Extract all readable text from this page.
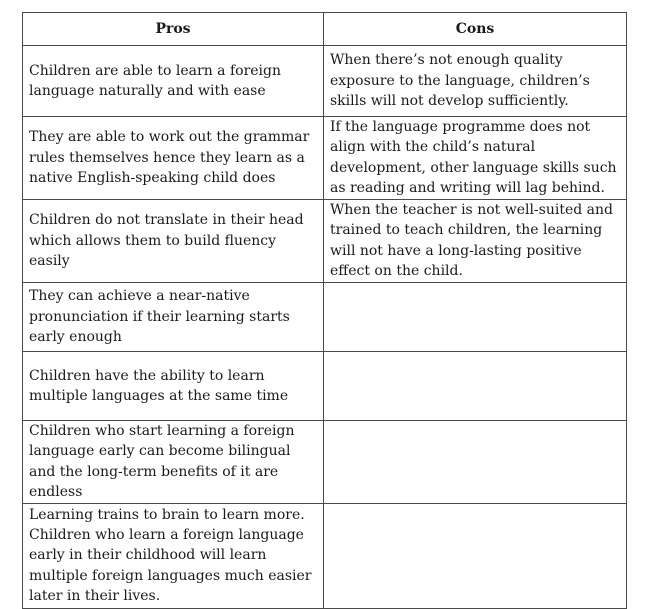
Pros	Cons
Children are able to learn a foreign language naturally and with ease	When there’s not enough quality exposure to the language, children’s skills will not develop sufficiently.
They are able to work out the grammar rules themselves hence they learn as a native English-speaking child does	If the language programme does not align with the child’s natural development, other language skills such as reading and writing will lag behind.
Children do not translate in their head which allows them to build fluency easily	When the teacher is not well-suited and trained to teach children, the learning will not have a long-lasting positive effect on the child.
They can achieve a near-native pronunciation if their learning starts early enough	
Children have the ability to learn multiple languages at the same time	
Children who start learning a foreign language early can become bilingual and the long-term benefits of it are endless	
Learning trains to brain to learn more. Children who learn a foreign language early in their childhood will learn multiple foreign languages much easier later in their lives.	
